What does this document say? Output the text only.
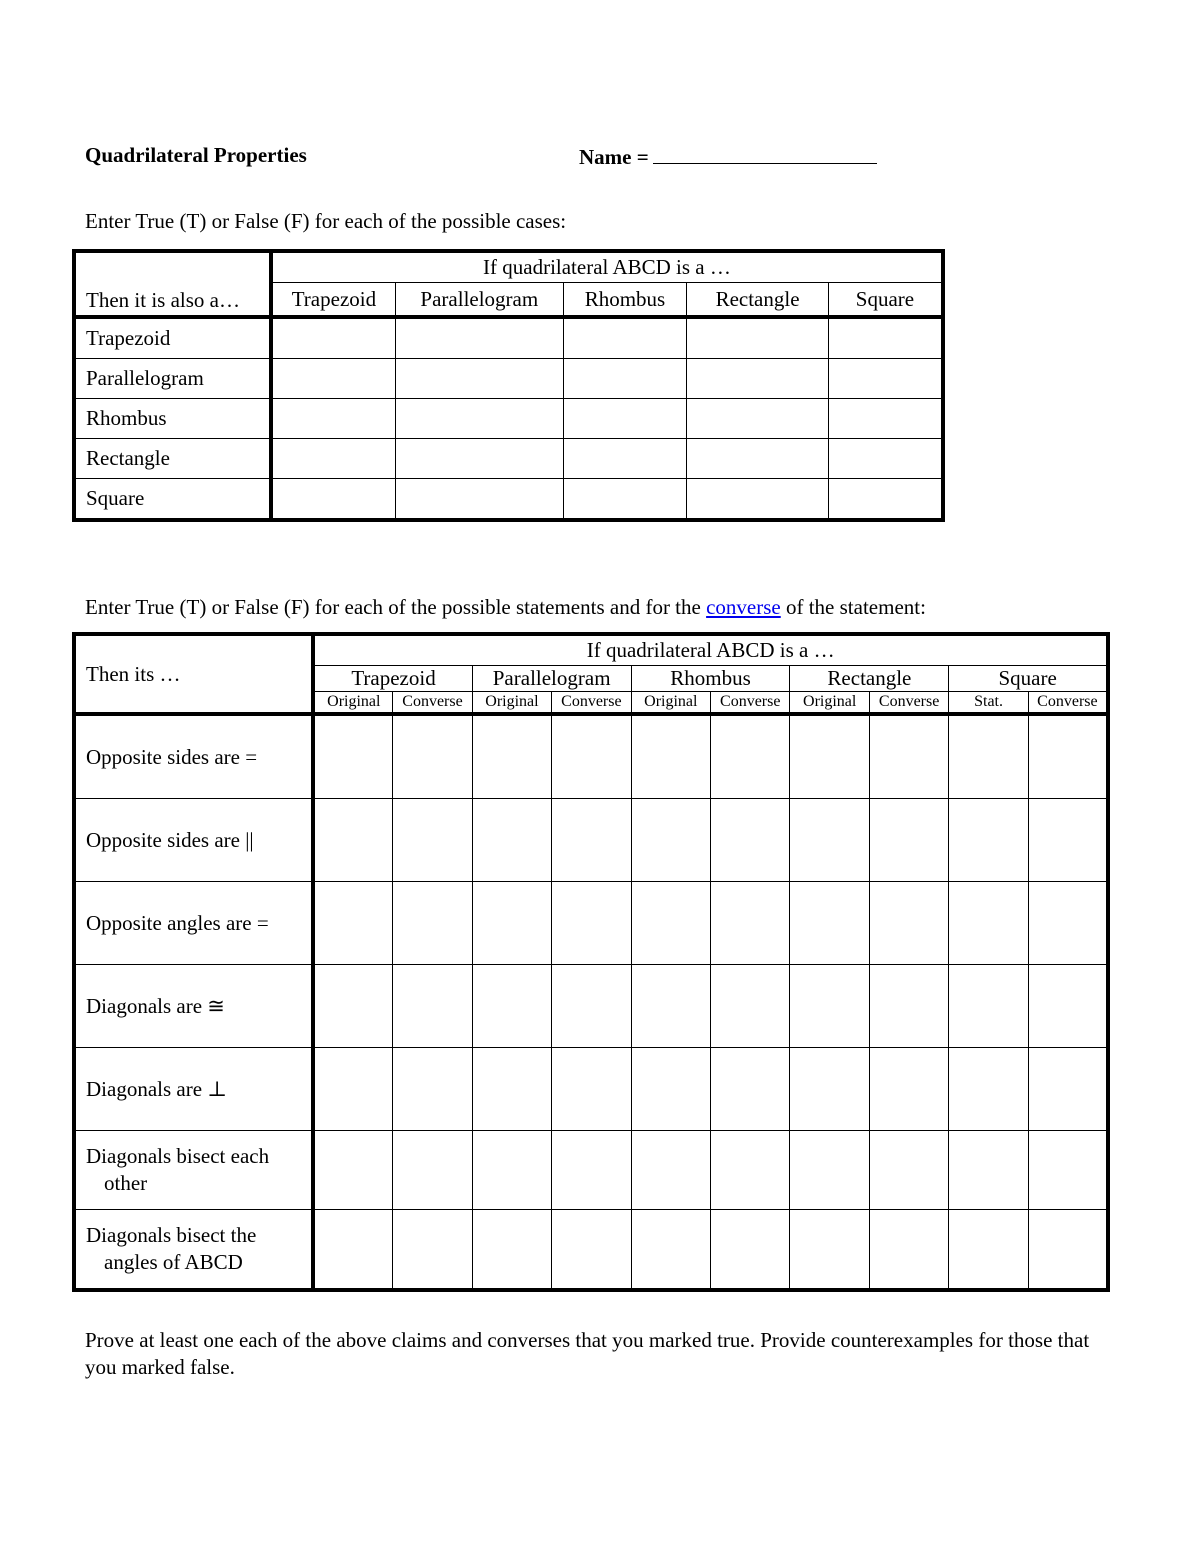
Quadrilateral Properties	Name =
Enter True (T) or False (F) for each of the possible cases:
Then it is also a…	If quadrilateral ABCD is a …				
	Trapezoid	Parallelogram	Rhombus	Rectangle	Square
Trapezoid					
Parallelogram					
Rhombus					
Rectangle					
Square					
Enter True (T) or False (F) for each of the possible statements and for the converse of the statement:
Then its …	If quadrilateral ABCD is a …									
	Trapezoid		Parallelogram		Rhombus		Rectangle		Square	
	Original	Converse	Original	Converse	Original	Converse	Original	Converse	Stat.	Converse
Opposite sides are =										
Opposite sides are ||										
Opposite angles are =										
Diagonals are ≅										
Diagonals are ⊥										
Diagonals bisect each
other										

Diagonals bisect the
angles of ABCD										

Prove at least one each of the above claims and converses that you marked true. Provide counterexamples for those that you marked false.
